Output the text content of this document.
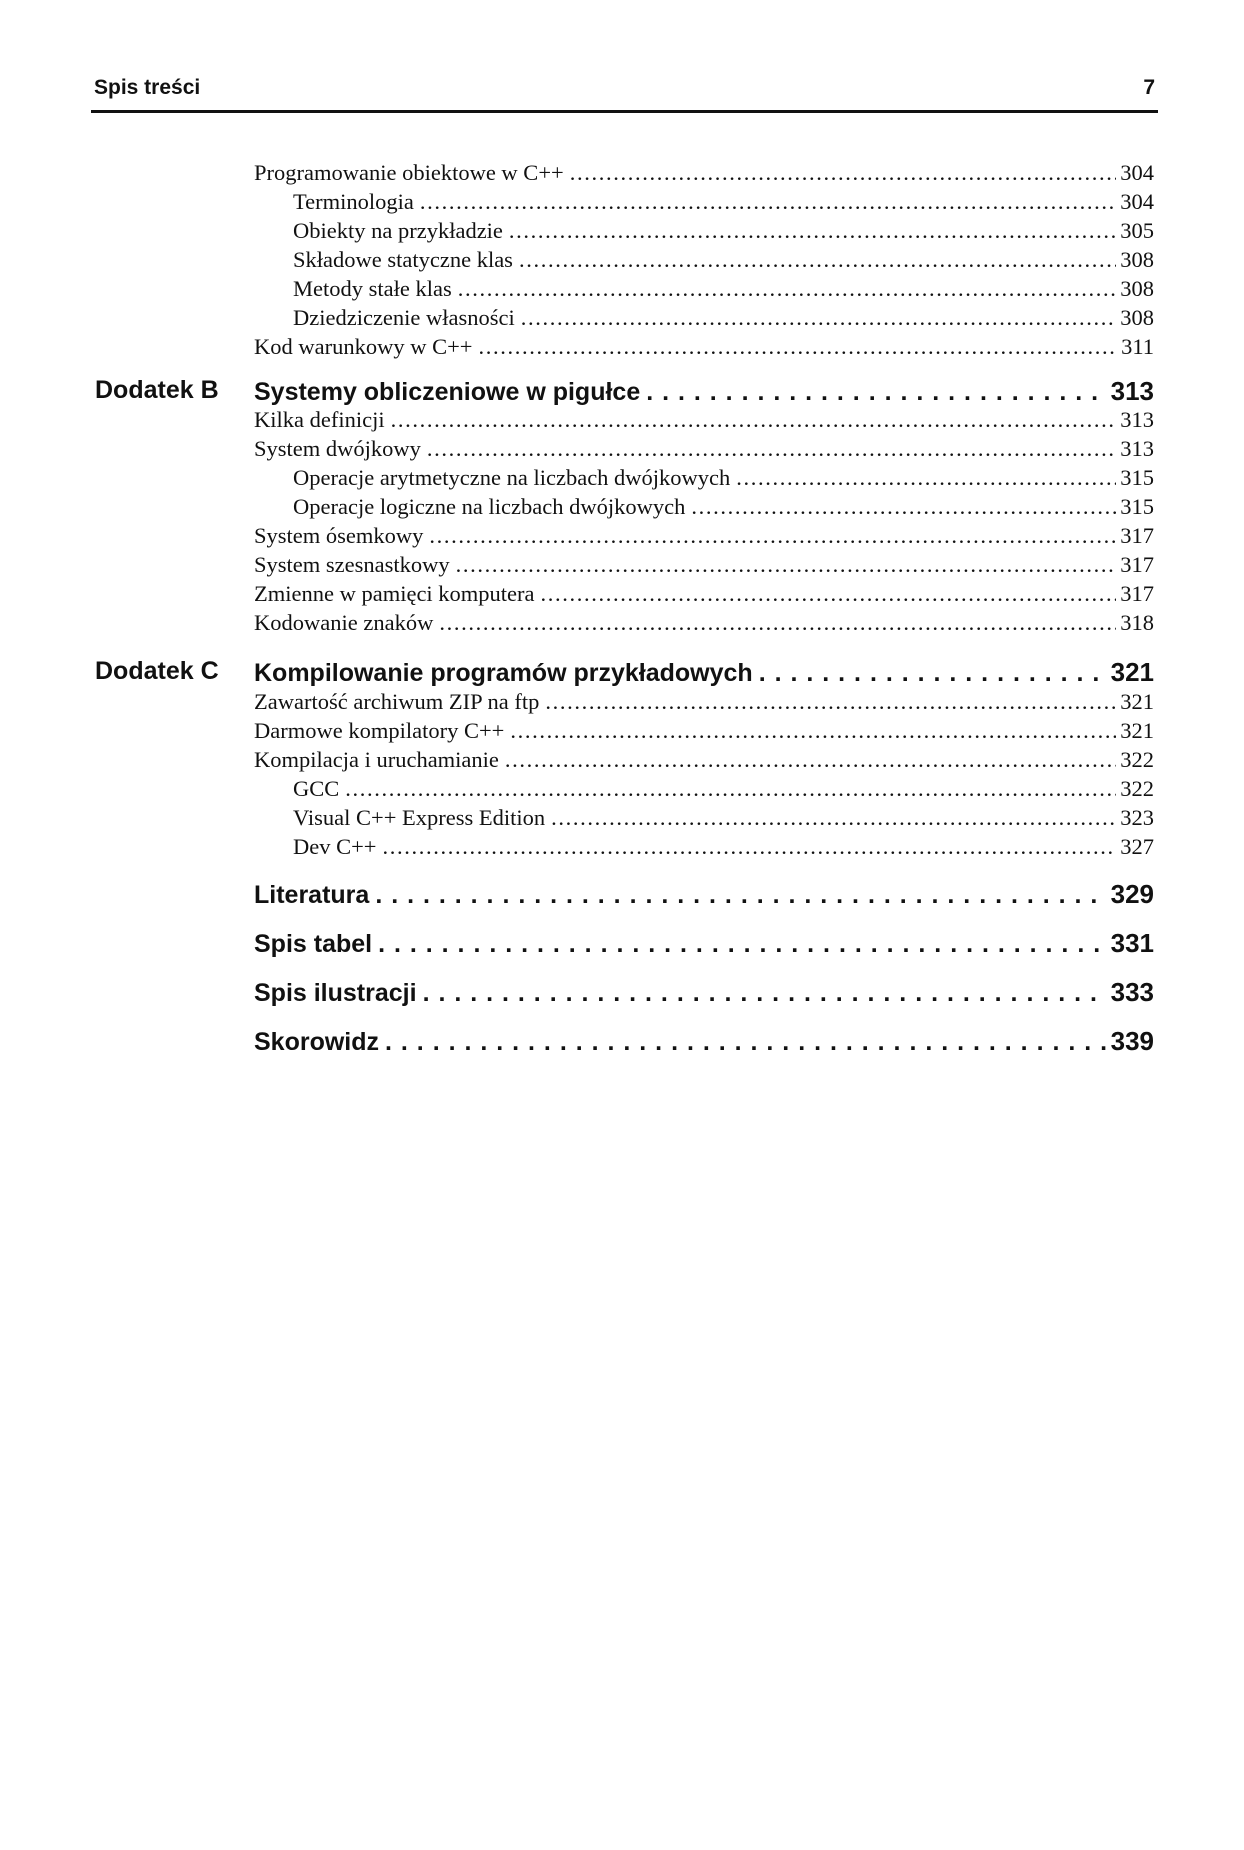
Spis treści	7
Programowanie obiektowe w C++ . . .	304
Terminologia . . .	304
Obiekty na przykładzie . . .	305
Składowe statyczne klas . . .	308
Metody stałe klas . . .	308
Dziedziczenie własności . . .	308
Kod warunkowy w C++ . . .	311
Dodatek B Systemy obliczeniowe w pigułce . . .	313
Kilka definicji . . .	313
System dwójkowy . . .	313
Operacje arytmetyczne na liczbach dwójkowych . . .	315
Operacje logiczne na liczbach dwójkowych . . .	315
System ósemkowy . . .	317
System szesnastkowy . . .	317
Zmienne w pamięci komputera . . .	317
Kodowanie znaków . . .	318
Dodatek C Kompilowanie programów przykładowych . . .	321
Zawartość archiwum ZIP na ftp . . .	321
Darmowe kompilatory C++ . . .	321
Kompilacja i uruchamianie . . .	322
GCC . . .	322
Visual C++ Express Edition . . .	323
Dev C++ . . .	327
Literatura . . .	329
Spis tabel . . .	331
Spis ilustracji . . .	333
Skorowidz . . .	339
